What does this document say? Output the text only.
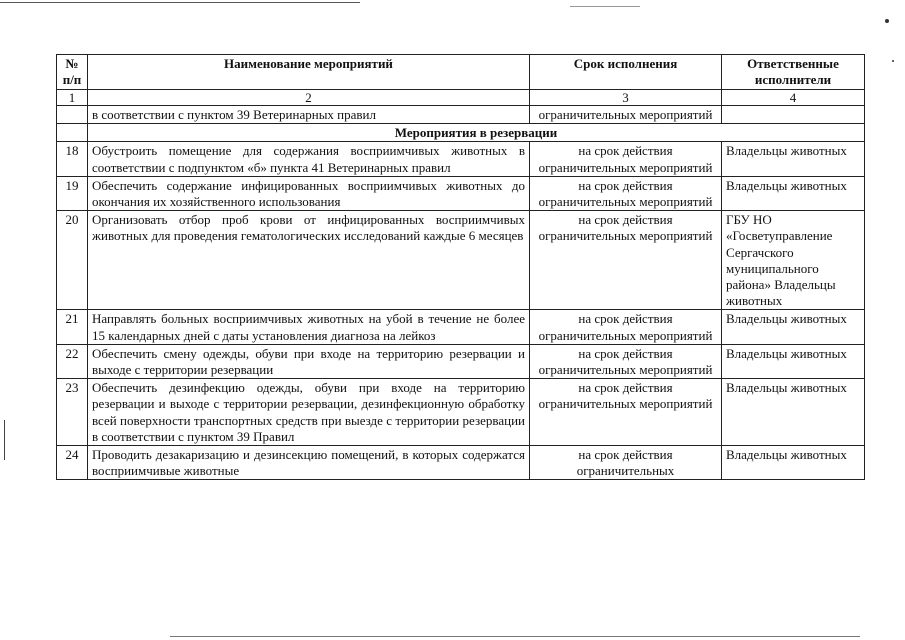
№ п/п	Наименование мероприятий	Срок исполнения	Ответственные исполнители
1	2	3	4
	в соответствии с пунктом 39 Ветеринарных правил	ограничительных мероприятий	
	Мероприятия в резервации		
18	Обустроить помещение для содержания восприимчивых животных в соответствии с подпунктом «б» пункта 41 Ветеринарных правил	на срок действия ограничительных мероприятий	Владельцы животных
19	Обеспечить содержание инфицированных восприимчивых животных до окончания их хозяйственного использования	на срок действия ограничительных мероприятий	Владельцы животных
20	Организовать отбор проб крови от инфицированных восприимчивых животных для проведения гематологических исследований каждые 6 месяцев	на срок действия ограничительных мероприятий	ГБУ НО «Госветуправление Сергачского муниципального района» Владельцы животных
21	Направлять больных восприимчивых животных на убой в течение не более 15 календарных дней с даты установления диагноза на лейкоз	на срок действия ограничительных мероприятий	Владельцы животных
22	Обеспечить смену одежды, обуви при входе на территорию резервации и выходе с территории резервации	на срок действия ограничительных мероприятий	Владельцы животных
23	Обеспечить дезинфекцию одежды, обуви при входе на территорию резервации и выходе с территории резервации, дезинфекционную обработку всей поверхности транспортных средств при выезде с территории резервации в соответствии с пунктом 39 Правил	на срок действия ограничительных мероприятий	Владельцы животных
24	Проводить дезакаризацию и дезинсекцию помещений, в которых содержатся восприимчивые животные	на срок действия ограничительных	Владельцы животных
